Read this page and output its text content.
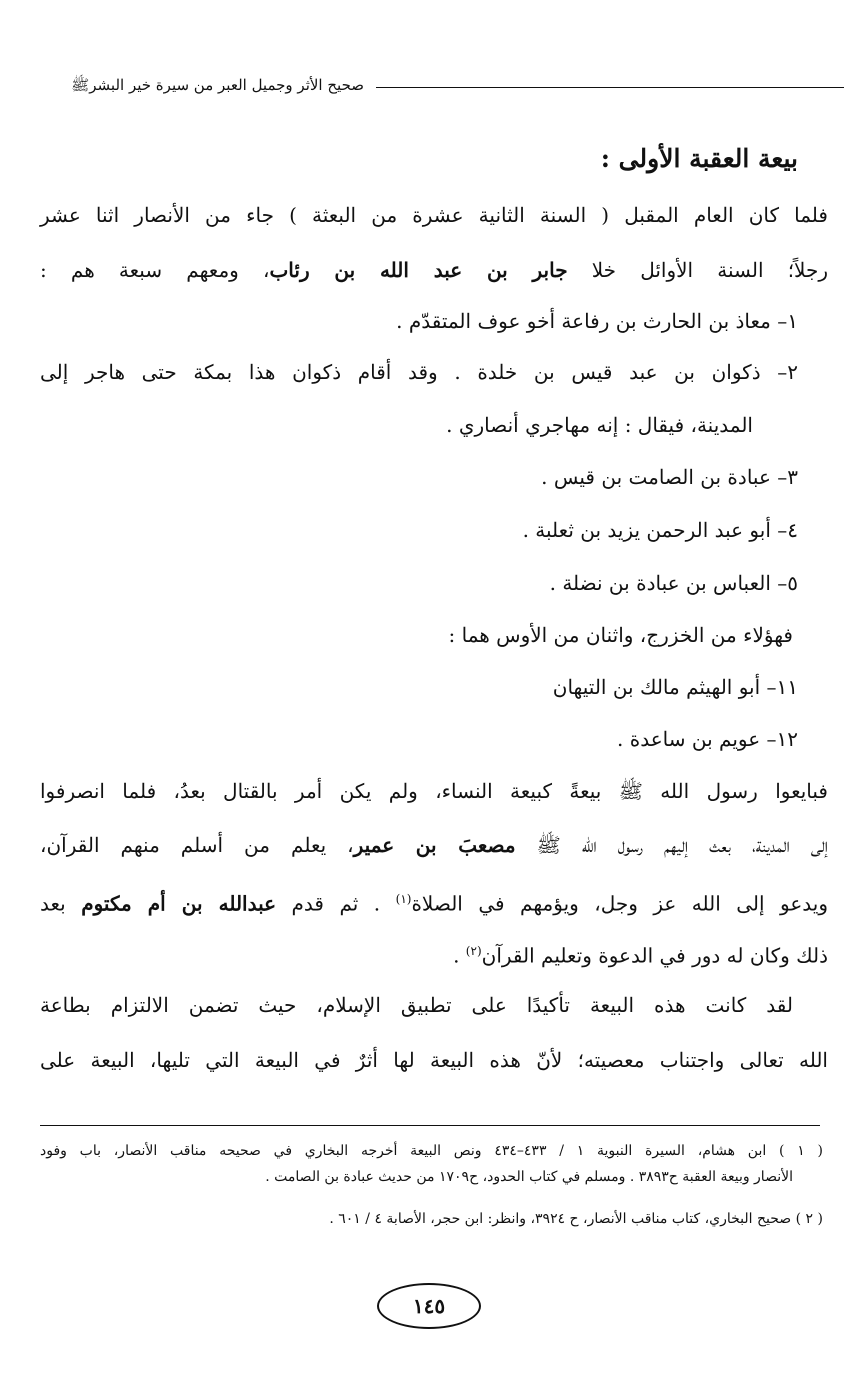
صحيح الأثر وجميل العبر من سيرة خير البشرﷺ
بيعة العقبة الأولى :
فلما كان العام المقبل ( السنة الثانية عشرة من البعثة ) جاء من الأنصار اثنا عشر
رجلاً؛ السنة الأوائل خلا جابر بن عبد الله بن رئاب، ومعهم سبعة هم :
١– معاذ بن الحارث بن رفاعة أخو عوف المتقدّم .
٢– ذكوان بن عبد قيس بن خلدة . وقد أقام ذكوان هذا بمكة حتى هاجر إلى
المدينة، فيقال : إنه مهاجري أنصاري .
٣– عبادة بن الصامت بن قيس .
٤– أبو عبد الرحمن يزيد بن ثعلبة .
٥– العباس بن عبادة بن نضلة .
فهؤلاء من الخزرج، واثنان من الأوس هما :
١١– أبو الهيثم مالك بن التيهان
١٢– عويم بن ساعدة .
فبايعوا رسول الله ﷺ بيعةً كبيعة النساء، ولم يكن أمر بالقتال بعدُ، فلما انصرفوا
إلى المدينة، بعث إليهم رسول الله ﷺ مصعبَ بن عمير، يعلم من أسلم منهم القرآن،
ويدعو إلى الله عز وجل، ويؤمهم في الصلاة$^{(١)}$ . ثم قدم عبدالله بن أم مكتوم بعد
ذلك وكان له دور في الدعوة وتعليم القرآن$^{(٢)}$ .
لقد كانت هذه البيعة تأكيدًا على تطبيق الإسلام، حيث تضمن الالتزام بطاعة
الله تعالى واجتناب معصيته؛ لأنّ هذه البيعة لها أثرٌ في البيعة التي تليها، البيعة على
( ١ ) ابن هشام، السيرة النبوية ١ / ٤٣٣–٤٣٤ ونص البيعة أخرجه البخاري في صحيحه مناقب الأنصار، باب وفود
الأنصار وبيعة العقبة ح٣٨٩٣ . ومسلم في كتاب الحدود، ح١٧٠٩ من حديث عبادة بن الصامت .
( ٢ ) صحيح البخاري، كتاب مناقب الأنصار، ح ٣٩٢٤، وانظر: ابن حجر، الأصابة ٤ / ٦٠١ .
١٤٥
